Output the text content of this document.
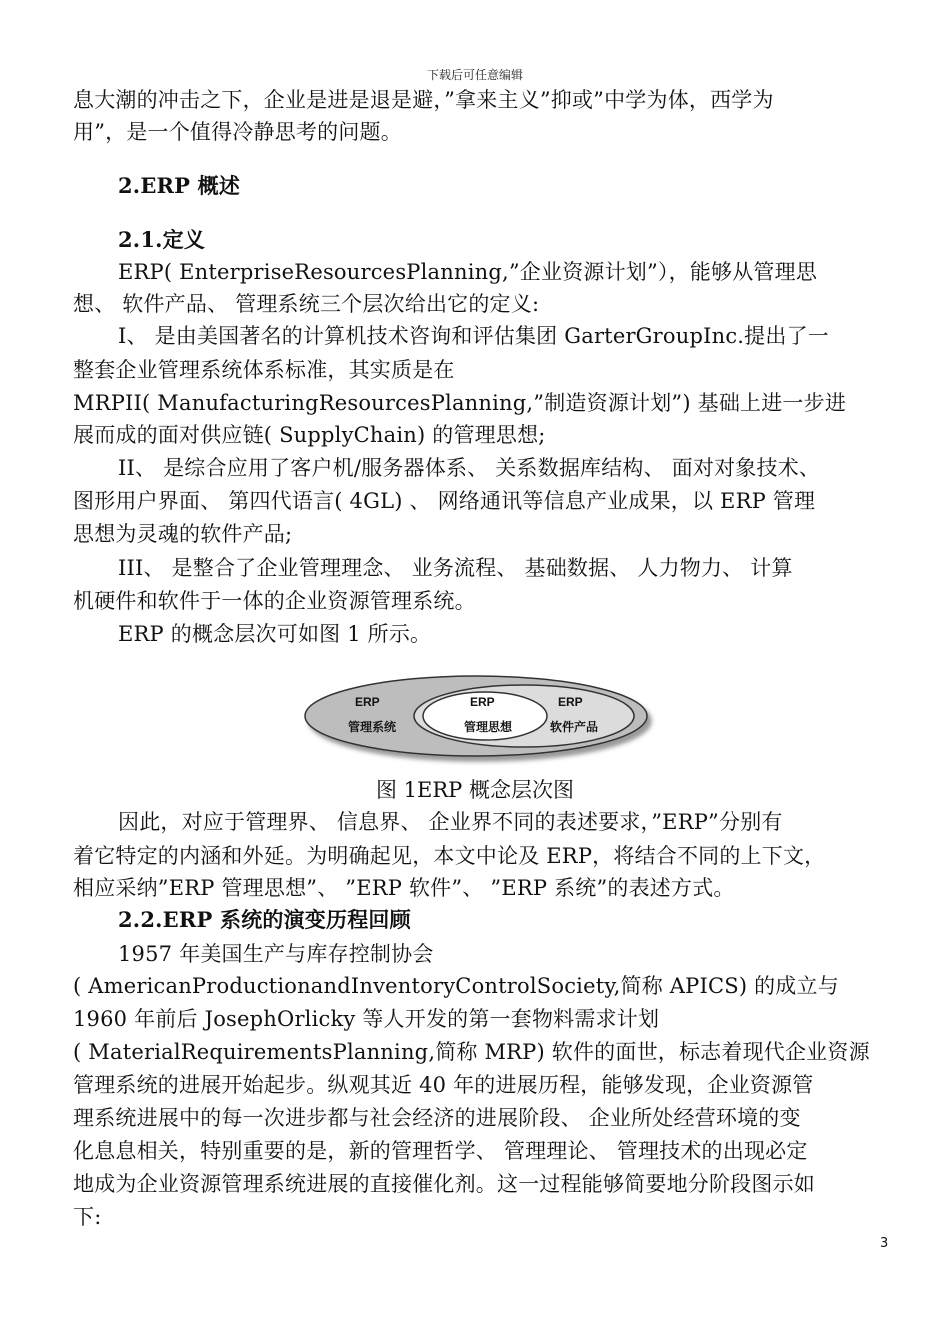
下载后可任意编辑
息大潮的冲击之下，企业是进是退是避，”拿来主义”抑或”中学为体，西学为
用”，是一个值得冷静思考的问题。
2.ERP 概述
2.1.定义
ERP( EnterpriseResourcesPlanning,”企业资源计划”），能够从管理思
想、 软件产品、 管理系统三个层次给出它的定义:
I、 是由美国著名的计算机技术咨询和评估集团 GarterGroupInc.提出了一
整套企业管理系统体系标准，其实质是在
MRPII( ManufacturingResourcesPlanning,”制造资源计划”) 基础上进一步进
展而成的面对供应链( SupplyChain) 的管理思想;
II、 是综合应用了客户机/服务器体系、 关系数据库结构、 面对对象技术、
图形用户界面、 第四代语言( 4GL) 、 网络通讯等信息产业成果，以 ERP 管理
思想为灵魂的软件产品;
III、 是整合了企业管理理念、 业务流程、 基础数据、 人力物力、 计算
机硬件和软件于一体的企业资源管理系统。
ERP 的概念层次可如图 1 所示。
ERP
管理系统
ERP
管理思想
ERP
软件产品
图 1ERP 概念层次图
因此，对应于管理界、 信息界、 企业界不同的表述要求，”ERP”分别有
着它特定的内涵和外延。为明确起见，本文中论及 ERP，将结合不同的上下文，
相应采纳”ERP 管理思想”、 ”ERP 软件”、 ”ERP 系统”的表述方式。
2.2.ERP 系统的演变历程回顾
1957 年美国生产与库存控制协会
( AmericanProductionandInventoryControlSociety,简称 APICS) 的成立与
1960 年前后 JosephOrlicky 等人开发的第一套物料需求计划
( MaterialRequirementsPlanning,简称 MRP) 软件的面世，标志着现代企业资源
管理系统的进展开始起步。纵观其近 40 年的进展历程，能够发现，企业资源管
理系统进展中的每一次进步都与社会经济的进展阶段、 企业所处经营环境的变
化息息相关，特别重要的是，新的管理哲学、 管理理论、 管理技术的出现必定
地成为企业资源管理系统进展的直接催化剂。这一过程能够简要地分阶段图示如
下:
3
